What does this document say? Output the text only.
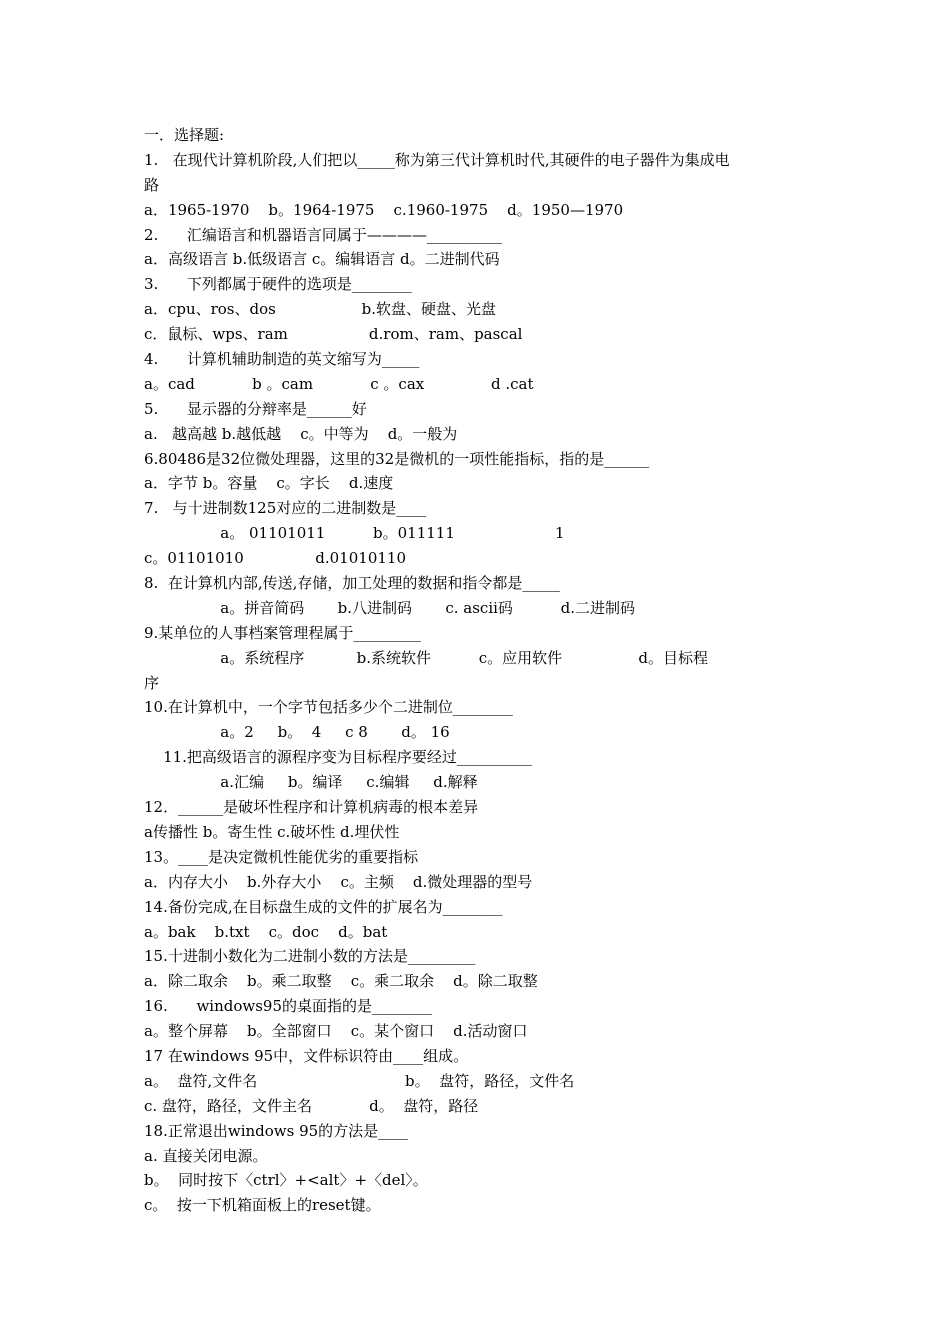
一．选择题:
1.   在现代计算机阶段,人们把以_____称为第三代计算机时代,其硬件的电子器件为集成电
路
a．1965-1970    b。1964-1975    c.1960-1975    d。1950—1970
2.      汇编语言和机器语言同属于————__________
a．高级语言 b.低级语言 c。编辑语言 d。二进制代码
3.      下列都属于硬件的选项是________
a．cpu、ros、dos                  b.软盘、硬盘、光盘
c．鼠标、wps、ram                 d.rom、ram、pascal
4.      计算机辅助制造的英文缩写为_____
a。cad            b 。cam            c 。cax              d .cat
5.      显示器的分辩率是______好
a.   越高越 b.越低越    c。中等为    d。一般为
6.80486是32位微处理器，这里的32是微机的一项性能指标，指的是______
a．字节 b。容量    c。字长    d.速度
7.   与十进制数125对应的二进制数是____
a。 01101011          b。011111                     1
c。01101010               d.01010110
8.  在计算机内部,传送,存储，加工处理的数据和指令都是_____
a。拼音简码       b.八进制码       c. ascii码          d.二进制码
9.某单位的人事档案管理程属于_________
a。系统程序           b.系统软件          c。应用软件                d。目标程
序
10.在计算机中，一个字节包括多少个二进制位________
a。2     b。  4     c 8       d。 16
11.把高级语言的源程序变为目标程序要经过__________
a.汇编     b。编译     c.编辑     d.解释
12．______是破坏性程序和计算机病毒的根本差异
a传播性 b。寄生性 c.破坏性 d.埋伏性
13。____是决定微机性能优劣的重要指标
a．内存大小    b.外存大小    c。主频    d.微处理器的型号
14.备份完成,在目标盘生成的文件的扩展名为________
a。bak    b.txt    c。doc    d。bat
15.十进制小数化为二进制小数的方法是_________
a．除二取余    b。乘二取整    c。乘二取余    d。除二取整
16.      windows95的桌面指的是________
a。整个屏幕    b。全部窗口    c。某个窗口    d.活动窗口
17 在windows 95中，文件标识符由____组成。
a。  盘符,文件名                               b。  盘符，路径，文件名
c. 盘符，路径，文件主名            d。  盘符，路径
18.正常退出windows 95的方法是____
a. 直接关闭电源。
b。  同时按下〈ctrl〉+<alt〉+〈del〉。
c。  按一下机箱面板上的reset键。
